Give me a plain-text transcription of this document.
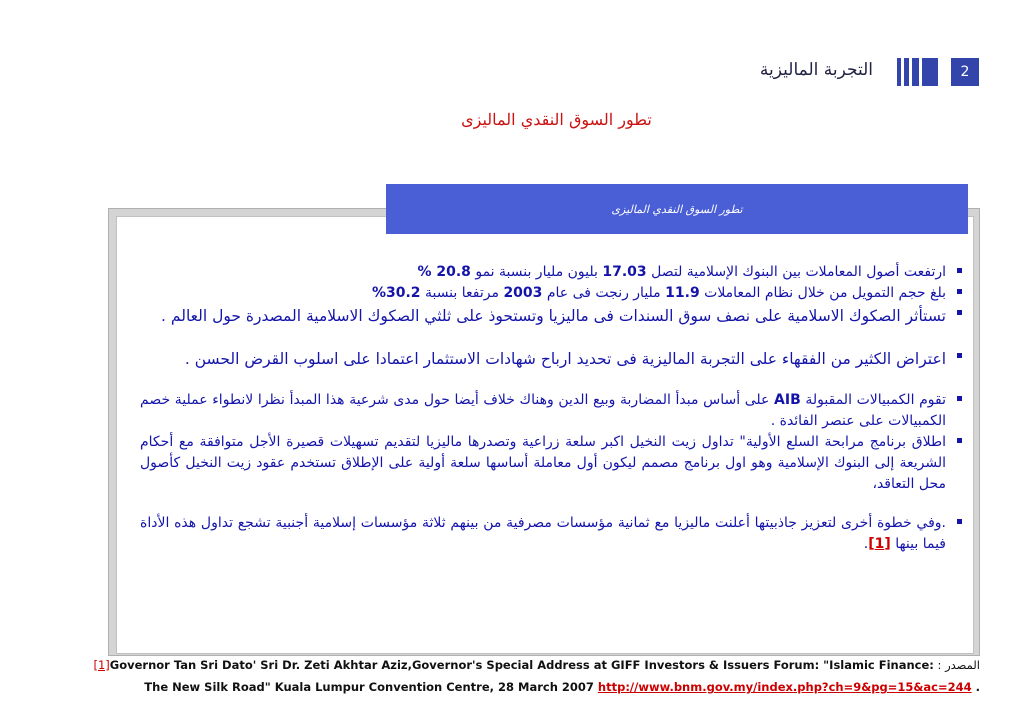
2
التجربة الماليزية
تطور السوق النقدي الماليزى
تطور السوق النقدي الماليزى
ارتفعت أصول المعاملات بين البنوك الإسلامية لتصل 17.03 بليون مليار بنسبة نمو 20.8 %
بلغ حجم التمويل من خلال نظام المعاملات 11.9 مليار رنجت فى عام 2003 مرتفعا بنسبة 30.2%
تستأثر الصكوك الاسلامية على نصف سوق السندات فى ماليزيا وتستحوذ على ثلثي الصكوك الاسلامية المصدرة حول العالم .
اعتراض الكثير من الفقهاء على التجربة الماليزية فى تحديد ارباح شهادات الاستثمار اعتمادا على اسلوب القرض الحسن .
تقوم الكمبيالات المقبولة AIB على أساس مبدأ المضاربة وبيع الدين وهناك خلاف أيضا حول مدى شرعية هذا المبدأ نظرا لانطواء عملية خصم الكمبيالات على عنصر الفائدة .
اطلاق برنامج مرابحة السلع الأولية" تداول زيت النخيل اكبر سلعة زراعية وتصدرها ماليزيا لتقديم تسهيلات قصيرة الأجل متوافقة مع أحكام الشريعة إلى البنوك الإسلامية وهو اول برنامج مصمم ليكون أول معاملة أساسها سلعة أولية على الإطلاق تستخدم عقود زيت النخيل كأصول محل التعاقد،
.وفي خطوة أخرى لتعزيز جاذبيتها أعلنت ماليزيا مع ثمانية مؤسسات مصرفية من بينهم ثلاثة مؤسسات إسلامية أجنبية تشجع تداول هذه الأداة فيما بينها [1].
المصدر : [1]Governor Tan Sri Dato' Sri Dr. Zeti Akhtar Aziz,Governor's Special Address at GIFF Investors & Issuers Forum: "Islamic Finance:
The New Silk Road" Kuala Lumpur Convention Centre, 28 March 2007 http://www.bnm.gov.my/index.php?ch=9&pg=15&ac=244 .
